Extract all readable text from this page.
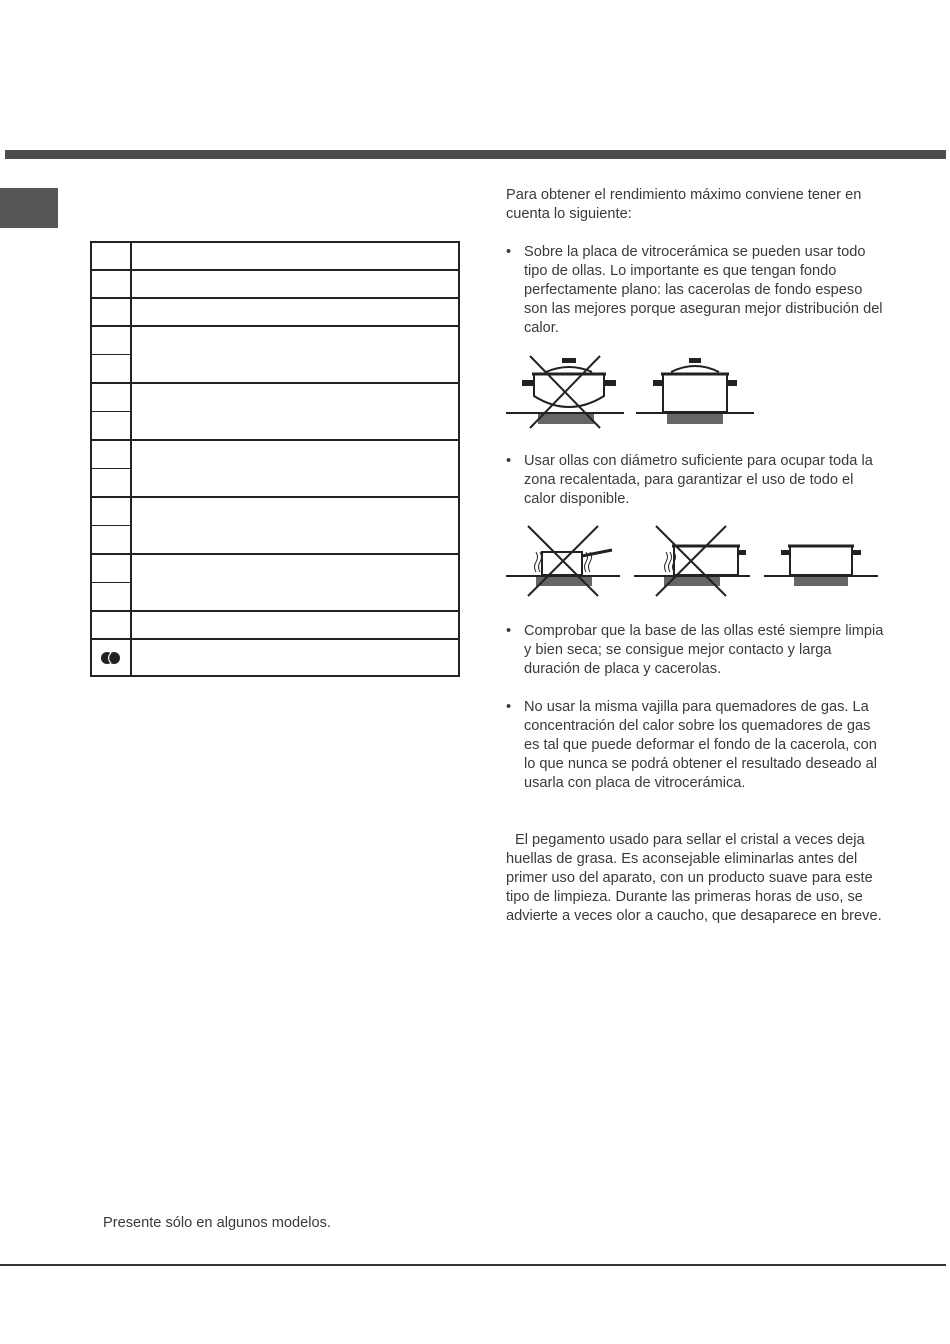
Para obtener el rendimiento máximo conviene tener en cuenta lo siguiente:
• Sobre la placa de vitrocerámica se pueden usar todo tipo de ollas. Lo importante es que tengan fondo perfectamente plano: las cacerolas de fondo espeso son las mejores porque aseguran mejor distribución del calor.
• Usar ollas con diámetro suficiente para ocupar toda la zona recalentada, para garantizar el uso de todo el calor disponible.
• Comprobar que la base de las ollas esté siempre limpia y bien seca; se consigue mejor contacto y larga duración de placa y cacerolas.
• No usar la misma vajilla para quemadores de gas. La concentración del calor sobre los quemadores de gas es tal que puede deformar el fondo de la cacerola, con lo que nunca se podrá obtener el resultado deseado al usarla con placa de vitrocerámica.
El pegamento usado para sellar el cristal a veces deja huellas de grasa. Es aconsejable eliminarlas antes del primer uso del aparato, con un producto suave para este tipo de limpieza. Durante las primeras horas de uso, se advierte a veces olor a caucho, que desaparece en breve.
Presente sólo en algunos modelos.
